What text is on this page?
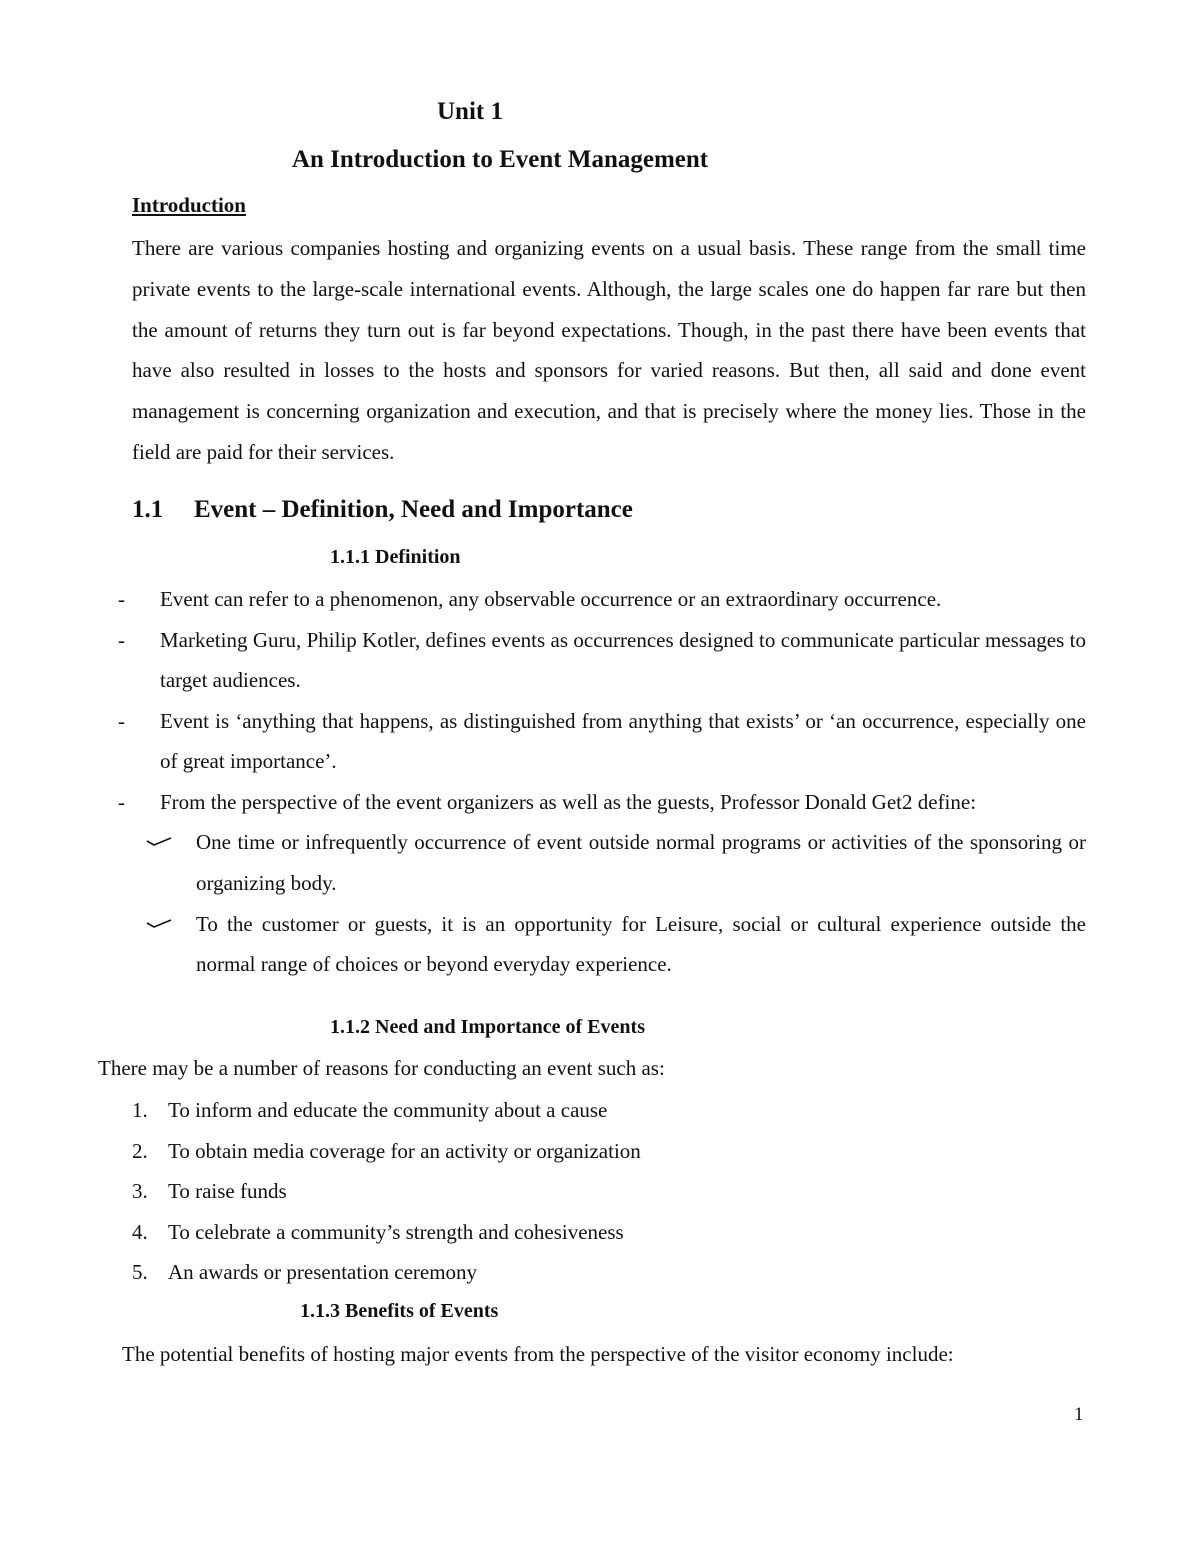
Unit 1
An Introduction to Event Management
Introduction

There are various companies hosting and organizing events on a usual basis. These range from the small time private events to the large-scale international events. Although, the large scales one do happen far rare but then the amount of returns they turn out is far beyond expectations. Though, in the past there have been events that have also resulted in losses to the hosts and sponsors for varied reasons. But then, all said and done event management is concerning organization and execution, and that is precisely where the money lies. Those in the field are paid for their services.

1.1 Event – Definition, Need and Importance
1.1.1 Definition
-	Event can refer to a phenomenon, any observable occurrence or an extraordinary occurrence.
-	Marketing Guru, Philip Kotler, defines events as occurrences designed to communicate particular messages to target audiences.
-	Event is ‘anything that happens, as distinguished from anything that exists’ or ‘an occurrence, especially one of great importance’.
-	From the perspective of the event organizers as well as the guests, Professor Donald Get2 define:
One time or infrequently occurrence of event outside normal programs or activities of the sponsoring or organizing body.
To the customer or guests, it is an opportunity for Leisure, social or cultural experience outside the normal range of choices or beyond everyday experience.
1.1.2 Need and Importance of Events

There may be a number of reasons for conducting an event such as:

1. To inform and educate the community about a cause
2. To obtain media coverage for an activity or organization
3. To raise funds
4. To celebrate a community’s strength and cohesiveness
5. An awards or presentation ceremony
1.1.3 Benefits of Events

The potential benefits of hosting major events from the perspective of the visitor economy include:

1
